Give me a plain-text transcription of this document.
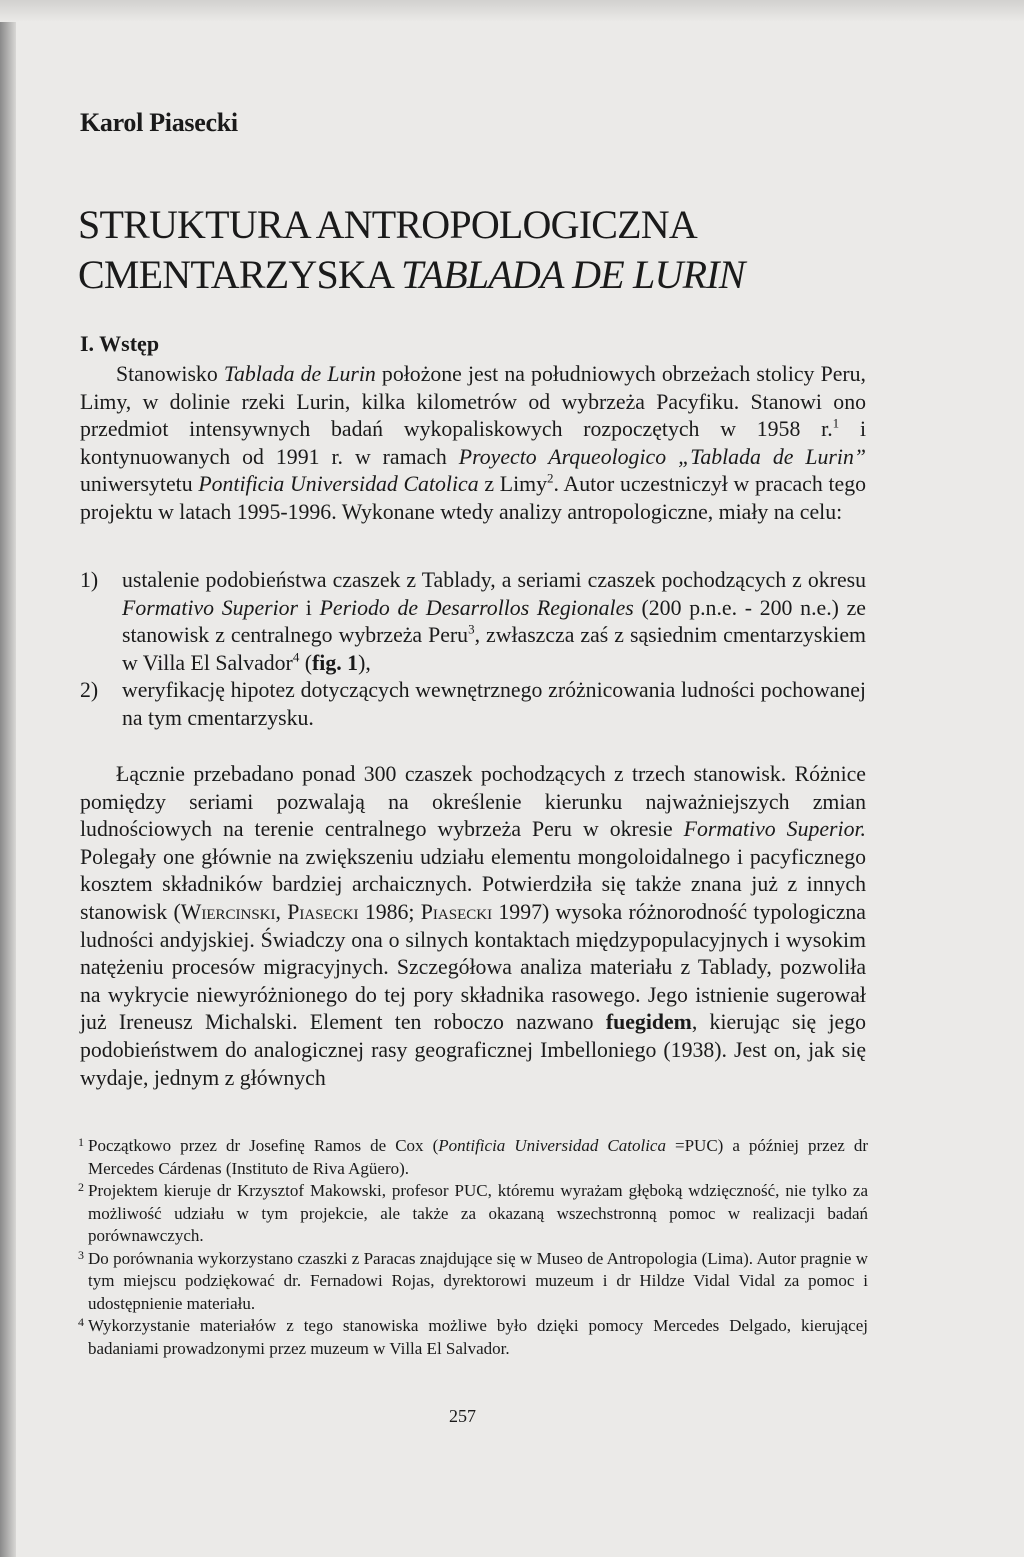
Karol Piasecki
STRUKTURA ANTROPOLOGICZNA
CMENTARZYSKA TABLADA DE LURIN
I. Wstęp
Stanowisko Tablada de Lurin położone jest na południowych obrzeżach stolicy Peru, Limy, w dolinie rzeki Lurin, kilka kilometrów od wybrzeża Pacyfiku. Stanowi ono przedmiot intensywnych badań wykopaliskowych rozpoczętych w 1958 r.$^1$ i kontynuowanych od 1991 r. w ramach Proyecto Arqueologico „Tablada de Lurin” uniwersytetu Pontificia Universidad Catolica z Limy$^2$. Autor uczestniczył w pracach tego projektu w latach 1995-1996. Wykonane wtedy analizy antropologiczne, miały na celu:
1)	ustalenie podobieństwa czaszek z Tablady, a seriami czaszek pochodzących z okresu Formativo Superior i Periodo de Desarrollos Regionales (200 p.n.e. - 200 n.e.) ze stanowisk z centralnego wybrzeża Peru$^3$, zwłaszcza zaś z sąsiednim cmentarzyskiem w Villa El Salvador$^4$ (fig. 1),
2)	weryfikację hipotez dotyczących wewnętrznego zróżnicowania ludności pochowanej na tym cmentarzysku.
Łącznie przebadano ponad 300 czaszek pochodzących z trzech stanowisk. Różnice pomiędzy seriami pozwalają na określenie kierunku najważniejszych zmian ludnościowych na terenie centralnego wybrzeża Peru w okresie Formativo Superior. Polegały one głównie na zwiększeniu udziału elementu mongoloidalnego i pacyficznego kosztem składników bardziej archaicznych. Potwierdziła się także znana już z innych stanowisk (Wiercinski, Piasecki 1986; Piasecki 1997) wysoka różnorodność typologiczna ludności andyjskiej. Świadczy ona o silnych kontaktach międzypopulacyjnych i wysokim natężeniu procesów migracyjnych. Szczegółowa analiza materiału z Tablady, pozwoliła na wykrycie niewyróżnionego do tej pory składnika rasowego. Jego istnienie sugerował już Ireneusz Michalski. Element ten roboczo nazwano fuegidem, kierując się jego podobieństwem do analogicznej rasy geograficznej Imbelloniego (1938). Jest on, jak się wydaje, jednym z głównych
1 Początkowo przez dr Josefinę Ramos de Cox (Pontificia Universidad Catolica =PUC) a później przez dr Mercedes Cárdenas (Instituto de Riva Agüero).
2 Projektem kieruje dr Krzysztof Makowski, profesor PUC, któremu wyrażam głęboką wdzięczność, nie tylko za możliwość udziału w tym projekcie, ale także za okazaną wszechstronną pomoc w realizacji badań porównawczych.
3 Do porównania wykorzystano czaszki z Paracas znajdujące się w Museo de Antropologia (Lima). Autor pragnie w tym miejscu podziękować dr. Fernadowi Rojas, dyrektorowi muzeum i dr Hildze Vidal Vidal za pomoc i udostępnienie materiału.
4 Wykorzystanie materiałów z tego stanowiska możliwe było dzięki pomocy Mercedes Delgado, kierującej badaniami prowadzonymi przez muzeum w Villa El Salvador.
257
